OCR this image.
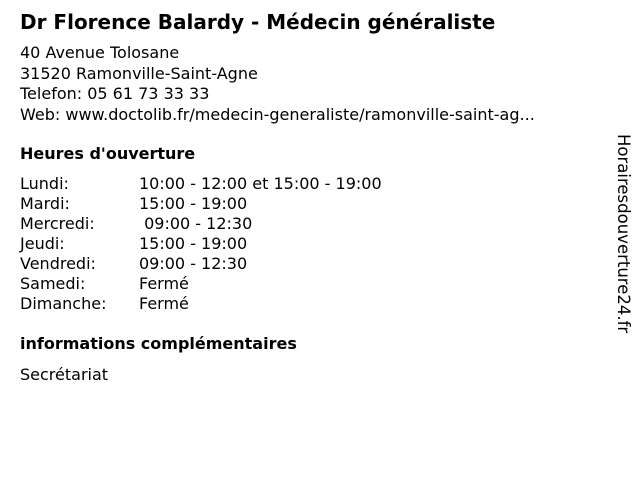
Dr Florence Balardy - Médecin généraliste
40 Avenue Tolosane
31520 Ramonville-Saint-Agne
Telefon: 05 61 73 33 33
Web: www.doctolib.fr/medecin-generaliste/ramonville-saint-ag...
Heures d'ouverture
Lundi:	10:00 - 12:00 et 15:00 - 19:00
Mardi:	15:00 - 19:00
Mercredi:	09:00 - 12:30
Jeudi:	15:00 - 19:00
Vendredi:	09:00 - 12:30
Samedi:	Fermé
Dimanche: Fermé
informations complémentaires
Secrétariat
Horairesdouverture24.fr
